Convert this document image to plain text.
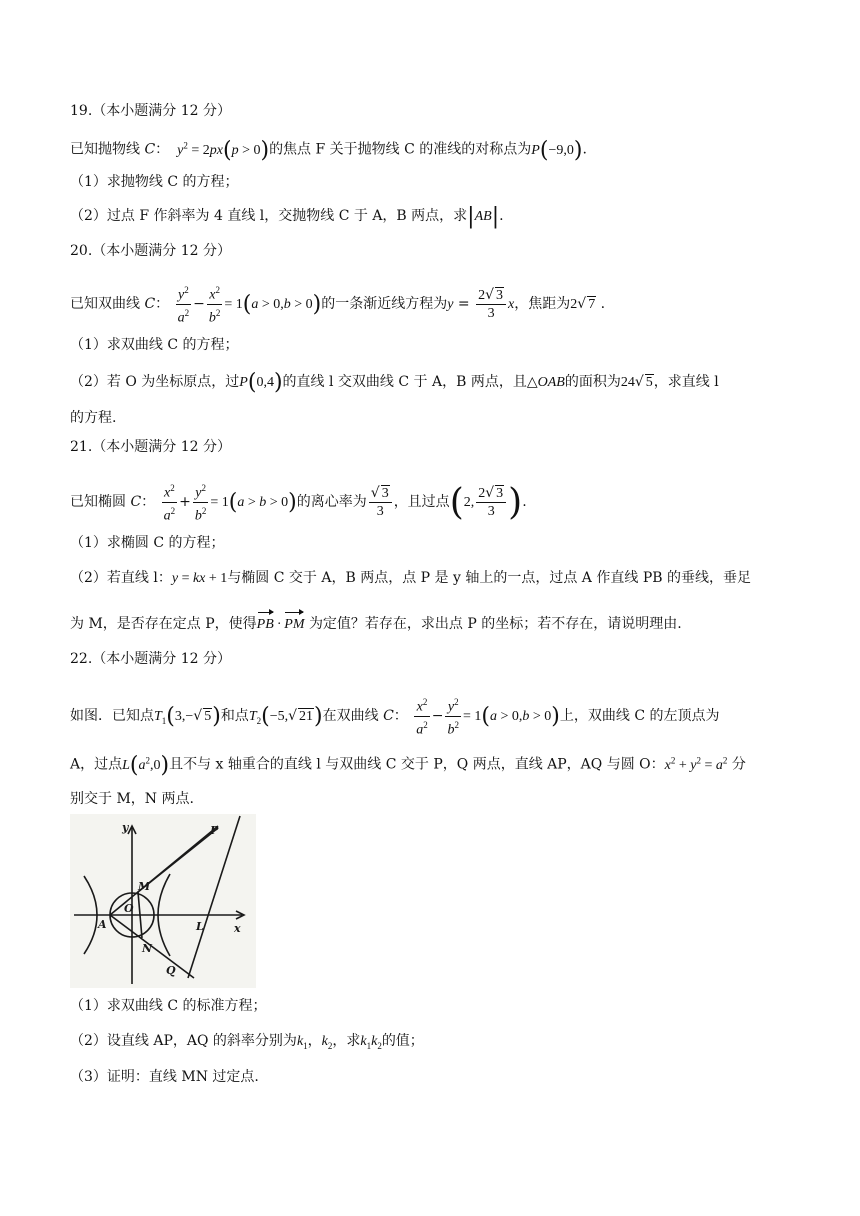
19.（本小题满分 12 分）
已知抛物线 C：  $y^2 = 2px(p > 0)$的焦点 F 关于抛物线 C 的准线的对称点为P(−9,0).
（1）求抛物线 C 的方程；
（2）过点 F 作斜率为 4 直线 l，交抛物线 C 于 A，B 两点，求|AB|.
20.（本小题满分 12 分）
已知双曲线 C： $\frac{y^2}{a^2} - \frac{x^2}{b^2} = 1(a > 0,b > 0)$的一条渐近线方程为$y = \frac{2√ 3}{3}$ x，焦距为2√ 7 .
（1）求双曲线 C 的方程；
（2）若 O 为坐标原点，过P(0,4)的直线 l 交双曲线 C 于 A，B 两点，且△OAB的面积为24√ 5，求直线 l
的方程.
21.（本小题满分 12 分）
已知椭圆 C： $\frac{x^2}{a^2} + \frac{y^2}{b^2} = 1(a > b > 0)$的离心率为 $\frac{√ 3}{3}$ ，且过点(2, $\frac{2√ 3}{3}$ ).
（1）求椭圆 C 的方程；
（2）若直线 l：y = kx + 1与椭圆 C 交于 A，B 两点，点 P 是 y 轴上的一点，过点 A 作直线 PB 的垂线，垂足
为 M，是否存在定点 P，使得PB · PM 为定值？若存在，求出点 P 的坐标；若不存在，请说明理由.
22.（本小题满分 12 分）
如图．已知点$T_1(3,-√$ 5)和点$T_2(-5,√$ 21)在双曲线 C： $\frac{x^2}{a^2} - \frac{y^2}{b^2} = 1(a > 0,b > 0)$上，双曲线 C 的左顶点为
A，过点$L(a^2,0)$且不与 x 轴重合的直线 l 与双曲线 C 交于 P，Q 两点，直线 AP，AQ 与圆 O：$x^2 + y^2 = a^2$ 分
别交于 M，N 两点.
y
x
P
M
O
A	L
N
Q
（1）求双曲线 C 的标准方程；
（2）设直线 AP，AQ 的斜率分别为$k_1$，$k_2$，求$k_1k_2$的值；
（3）证明：直线 MN 过定点.
